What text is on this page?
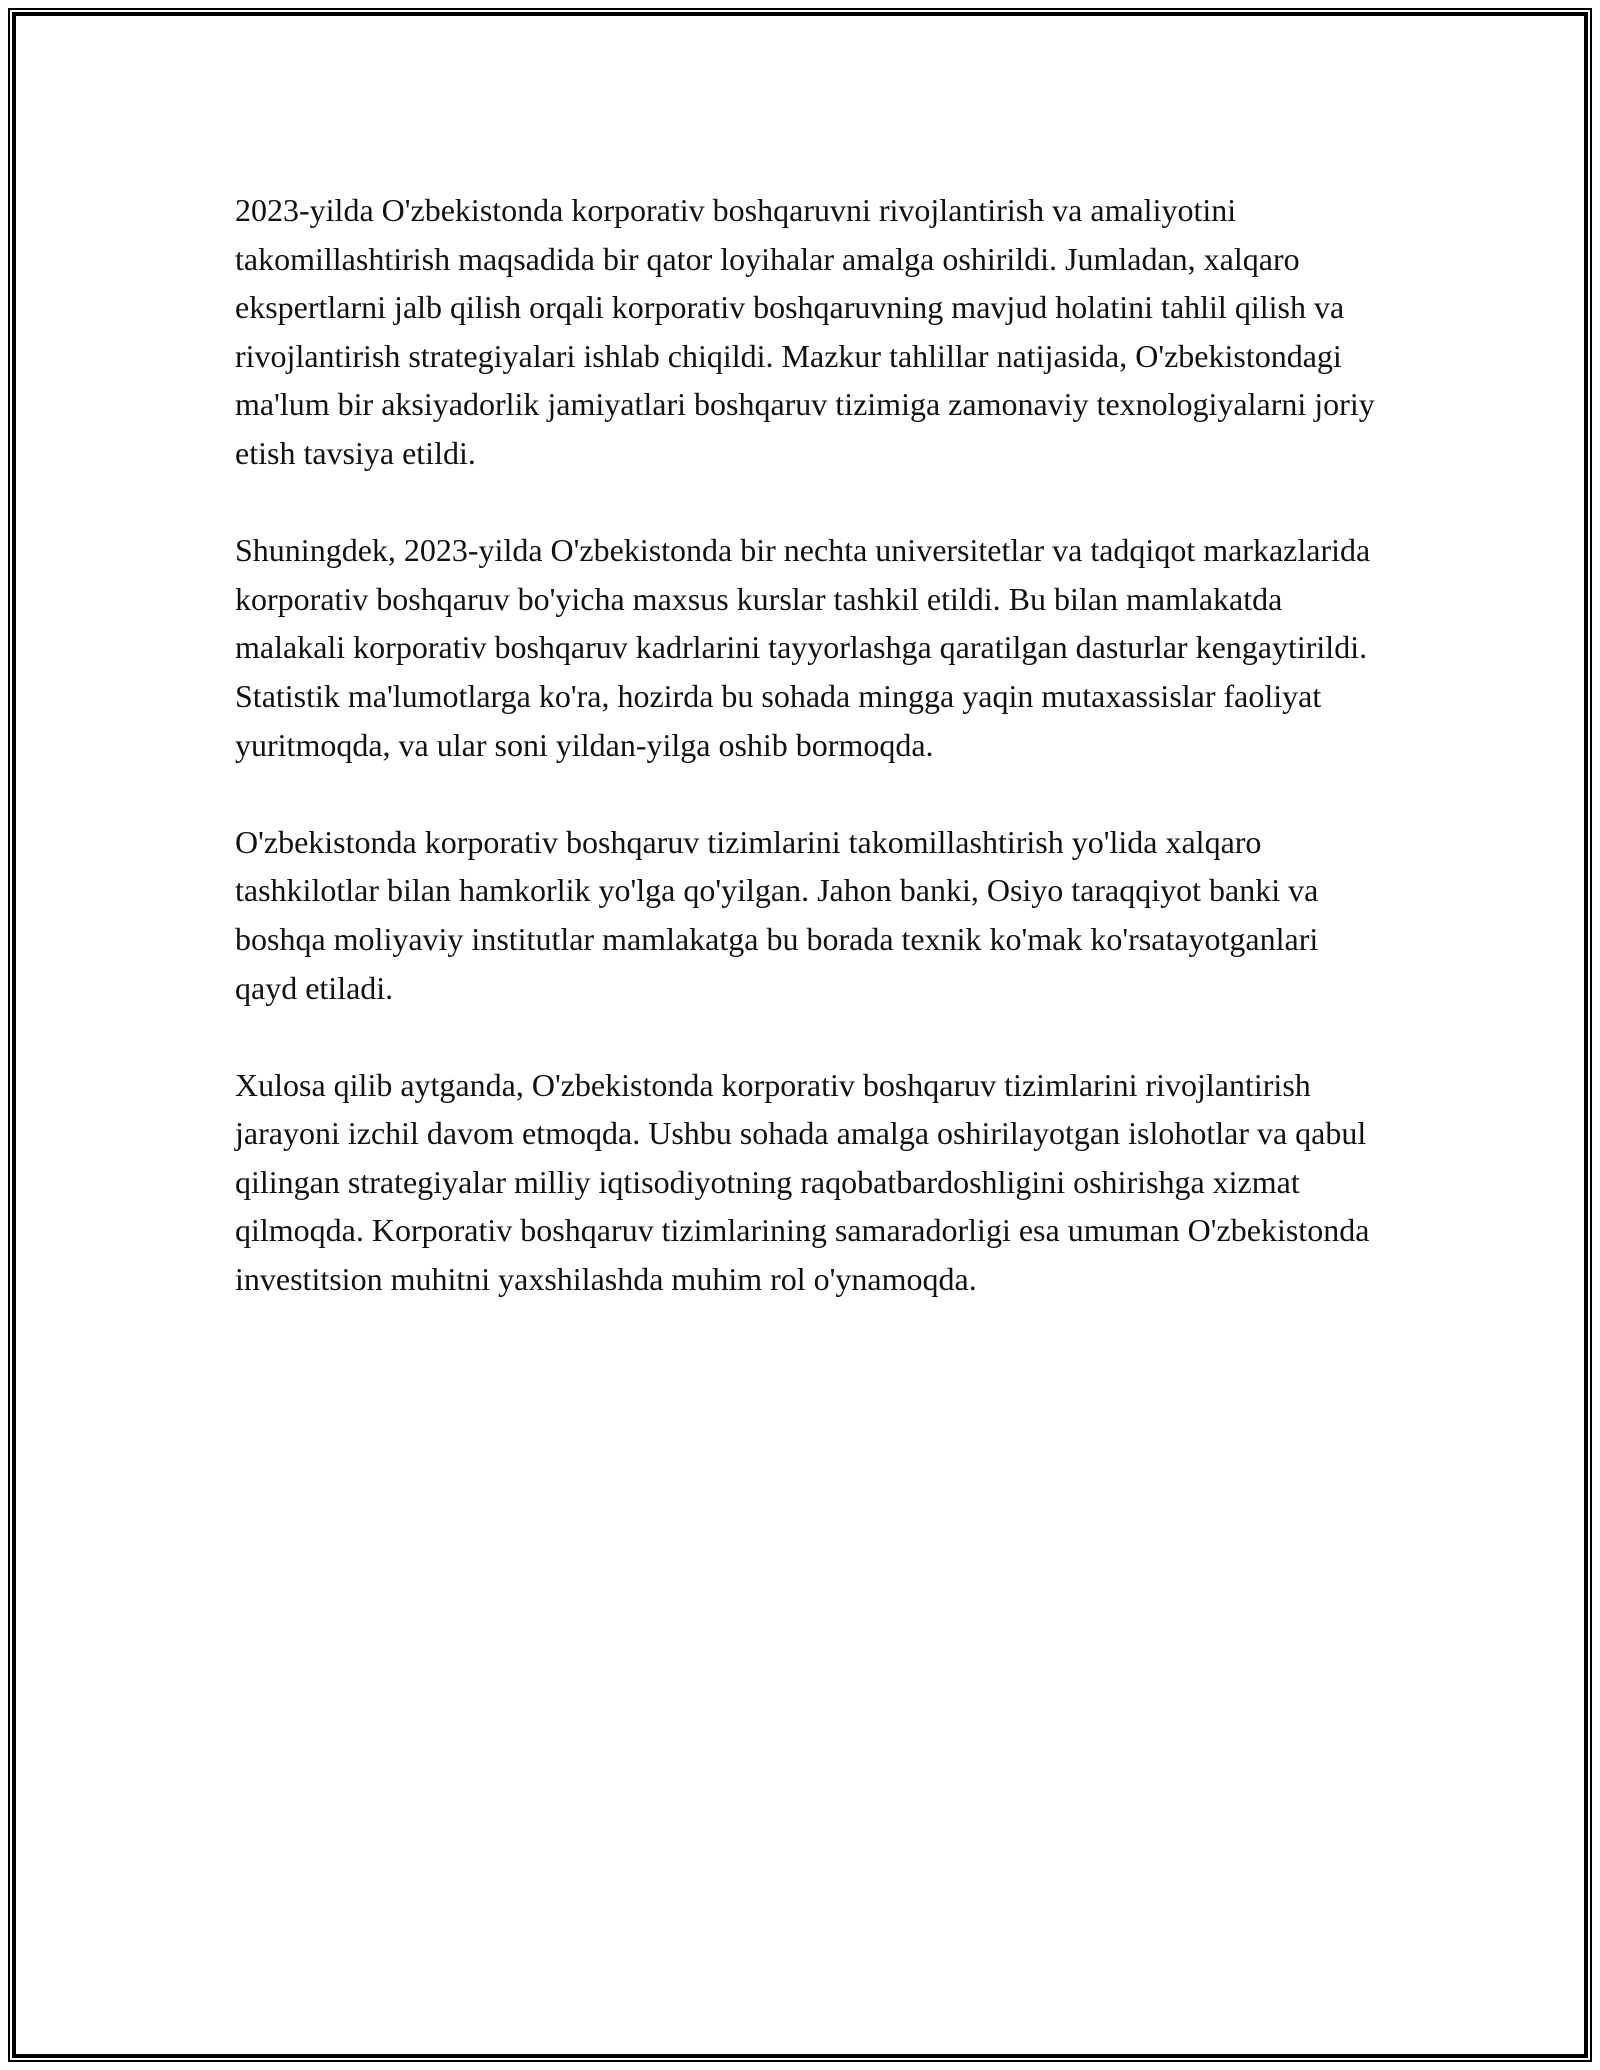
2023-yilda O'zbekistonda korporativ boshqaruvni rivojlantirish va amaliyotini takomillashtirish maqsadida bir qator loyihalar amalga oshirildi. Jumladan, xalqaro ekspertlarni jalb qilish orqali korporativ boshqaruvning mavjud holatini tahlil qilish va rivojlantirish strategiyalari ishlab chiqildi. Mazkur tahlillar natijasida, O'zbekistondagi ma'lum bir aksiyadorlik jamiyatlari boshqaruv tizimiga zamonaviy texnologiyalarni joriy etish tavsiya etildi.

Shuningdek, 2023-yilda O'zbekistonda bir nechta universitetlar va tadqiqot markazlarida korporativ boshqaruv bo'yicha maxsus kurslar tashkil etildi. Bu bilan mamlakatda malakali korporativ boshqaruv kadrlarini tayyorlashga qaratilgan dasturlar kengaytirildi. Statistik ma'lumotlarga ko'ra, hozirda bu sohada mingga yaqin mutaxassislar faoliyat yuritmoqda, va ular soni yildan-yilga oshib bormoqda.

O'zbekistonda korporativ boshqaruv tizimlarini takomillashtirish yo'lida xalqaro tashkilotlar bilan hamkorlik yo'lga qo'yilgan. Jahon banki, Osiyo taraqqiyot banki va boshqa moliyaviy institutlar mamlakatga bu borada texnik ko'mak ko'rsatayotganlari qayd etiladi.

Xulosa qilib aytganda, O'zbekistonda korporativ boshqaruv tizimlarini rivojlantirish jarayoni izchil davom etmoqda. Ushbu sohada amalga oshirilayotgan islohotlar va qabul qilingan strategiyalar milliy iqtisodiyotning raqobatbardoshligini oshirishga xizmat qilmoqda. Korporativ boshqaruv tizimlarining samaradorligi esa umuman O'zbekistonda investitsion muhitni yaxshilashda muhim rol o'ynamoqda.
